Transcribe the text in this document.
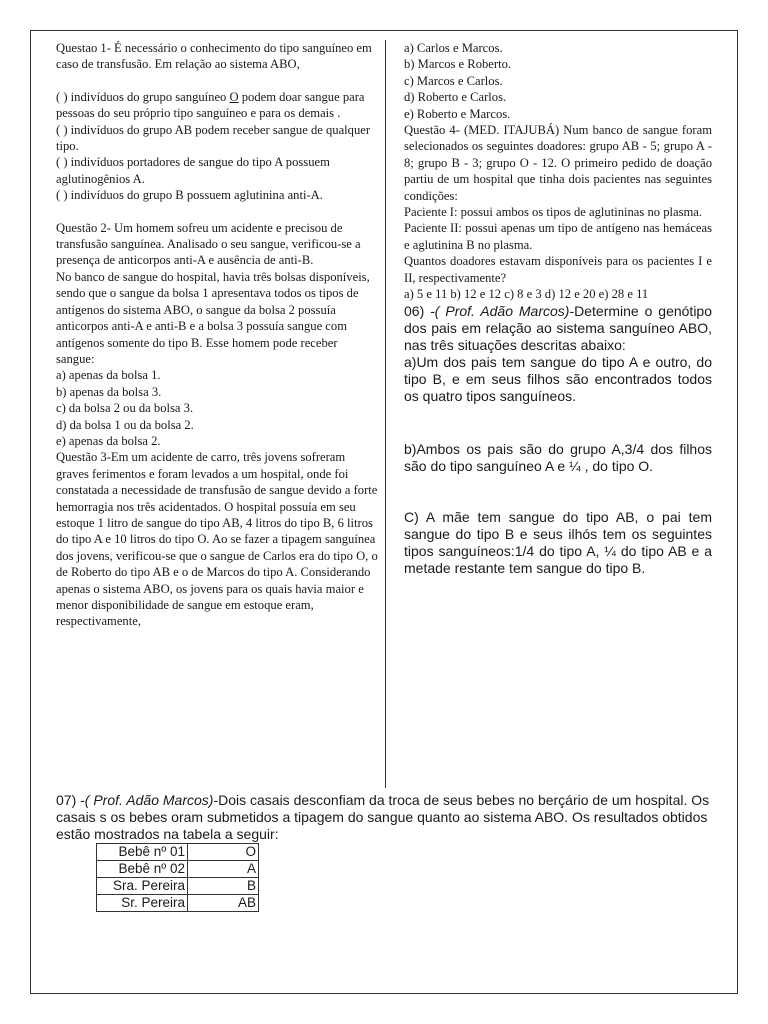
Questao 1- É necessário o conhecimento do tipo sanguíneo em caso de transfusão. Em relação ao sistema ABO,

( ) indivíduos do grupo sanguíneo O podem doar sangue para pessoas do seu próprio tipo sanguíneo e para os demais .

( ) indivíduos do grupo AB podem receber sangue de qualquer tipo.

( ) indivíduos portadores de sangue do tipo A possuem aglutinogênios A.

( ) indivíduos do grupo B possuem aglutinina anti-A.

Questão 2- Um homem sofreu um acidente e precisou de transfusão sanguínea. Analisado o seu sangue, verificou-se a presença de anticorpos anti-A e ausência de anti-B.

No banco de sangue do hospital, havia três bolsas disponíveis, sendo que o sangue da bolsa 1 apresentava todos os tipos de antígenos do sistema ABO, o sangue da bolsa 2 possuía anticorpos anti-A e anti-B e a bolsa 3 possuía sangue com antígenos somente do tipo B. Esse homem pode receber sangue:

a) apenas da bolsa 1.

b) apenas da bolsa 3.

c) da bolsa 2 ou da bolsa 3.

d) da bolsa 1 ou da bolsa 2.

e) apenas da bolsa 2.

Questão 3-Em um acidente de carro, três jovens sofreram graves ferimentos e foram levados a um hospital, onde foi constatada a necessidade de transfusão de sangue devido a forte hemorragia nos três acidentados. O hospital possuía em seu estoque 1 litro de sangue do tipo AB, 4 litros do tipo B, 6 litros do tipo A e 10 litros do tipo O. Ao se fazer a tipagem sanguínea dos jovens, verificou-se que o sangue de Carlos era do tipo O, o de Roberto do tipo AB e o de Marcos do tipo A. Considerando apenas o sistema ABO, os jovens para os quais havia maior e menor disponibilidade de sangue em estoque eram, respectivamente,

a) Carlos e Marcos.

b) Marcos e Roberto.

c) Marcos e Carlos.

d) Roberto e Carlos.

e) Roberto e Marcos.

Questão 4- (MED. ITAJUBÁ) Num banco de sangue foram selecionados os seguintes doadores: grupo AB - 5; grupo A - 8; grupo B - 3; grupo O - 12. O primeiro pedido de doação partiu de um hospital que tinha dois pacientes nas seguintes condições:

Paciente I: possui ambos os tipos de aglutininas no plasma.

Paciente II: possui apenas um tipo de antígeno nas hemáceas e aglutinina B no plasma.

Quantos doadores estavam disponíveis para os pacientes I e II, respectivamente?

a) 5 e 11 b) 12 e 12 c) 8 e 3 d) 12 e 20 e) 28 e 11

06) -( Prof. Adão Marcos)-Determine o genótipo dos pais em relação ao sistema sanguíneo ABO, nas três situações descritas abaixo:

a)Um dos pais tem sangue do tipo A e outro, do tipo B, e em seus filhos são encontrados todos os quatro tipos sanguíneos.

b)Ambos os pais são do grupo A,3/4 dos filhos são do tipo sanguíneo A e ¼ , do tipo O.

C) A mãe tem sangue do tipo AB, o pai tem sangue do tipo B e seus ilhós tem os seguintes tipos sanguíneos:1/4 do tipo A, ¼ do tipo AB e a metade restante tem sangue do tipo B.

07) -( Prof. Adão Marcos)-Dois casais desconfiam da troca de seus bebes no berçário de um hospital. Os casais s os bebes oram submetidos a tipagem do sangue quanto ao sistema ABO. Os resultados obtidos estão mostrados na tabela a seguir:

Bebê nº 01	O
Bebê nº 02	A
Sra. Pereira	B
Sr. Pereira	AB
